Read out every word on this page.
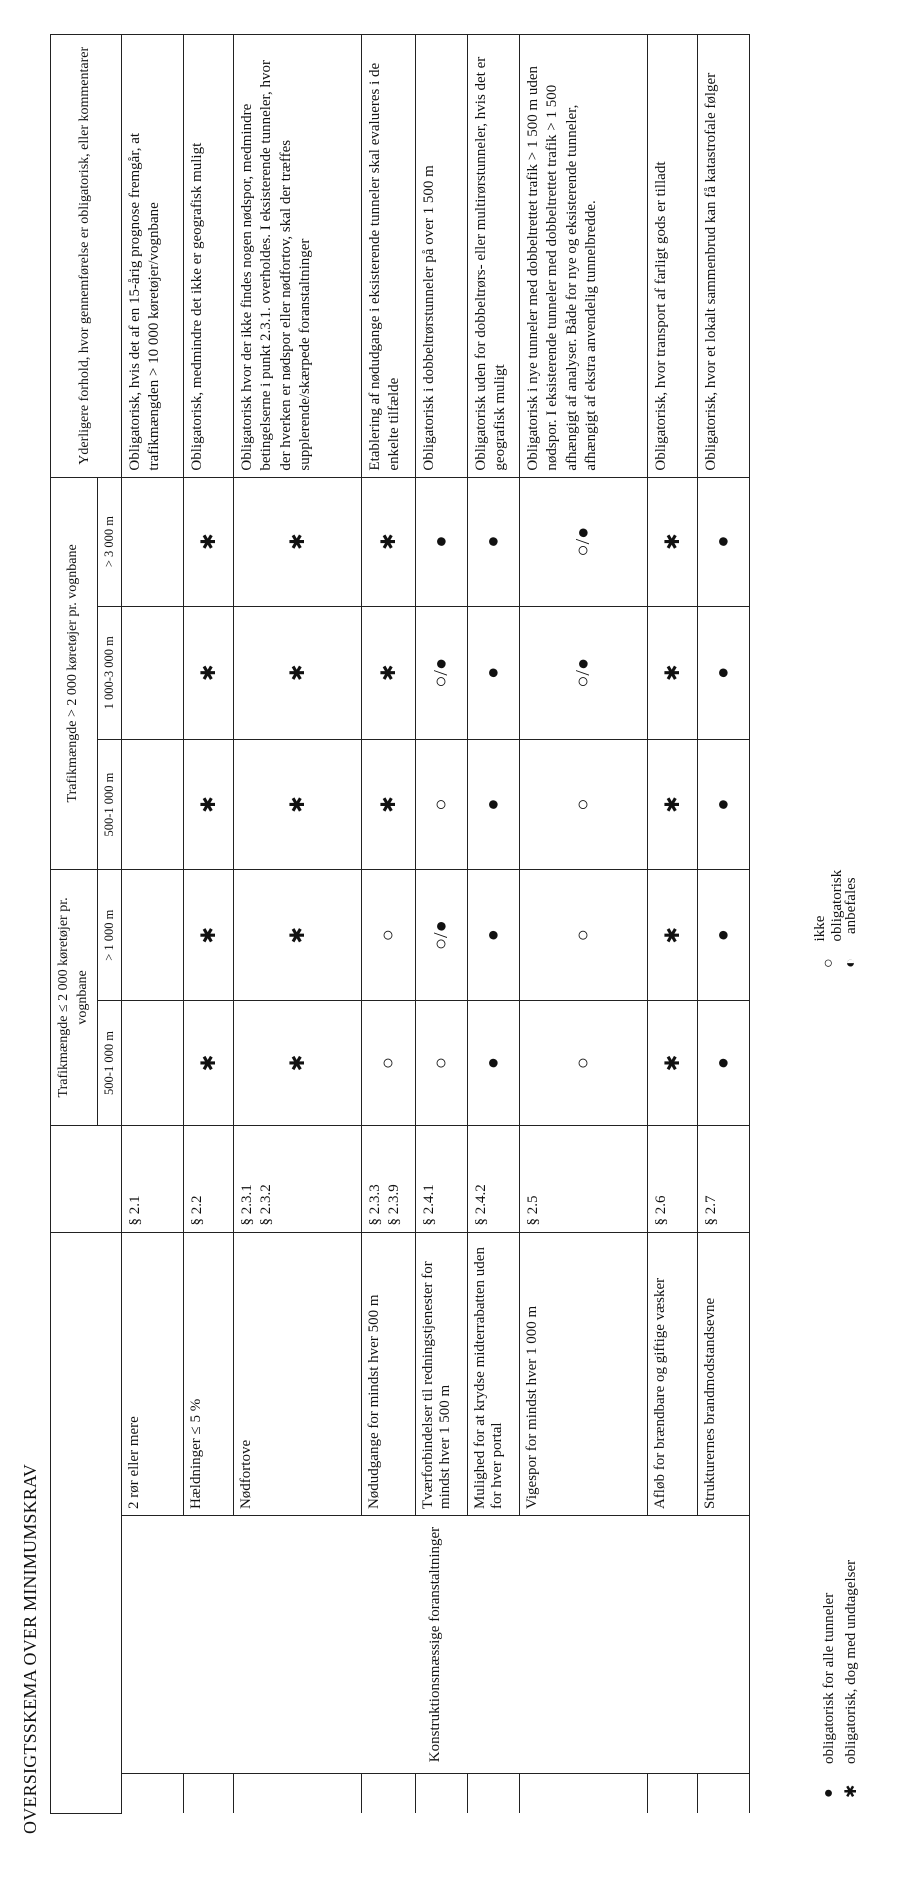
OVERSIGTSSKEMA OVER MINIMUMSKRAV
				Trafikmængde ≤ 2 000 køretøjer pr. vognbane		Trafikmængde > 2 000 køretøjer pr. vognbane			Yderligere forhold, hvor gennemførelse er obligatorisk, eller kommentarer
				500-1 000 m	> 1 000 m	500-1 000 m	1 000-3 000 m	> 3 000 m	
	Konstruktionsmæssige foranstaltninger	2 rør eller mere	§ 2.1						Obligatorisk, hvis det af en 15-årig prognose fremgår, at trafikmængden > 10 000 køretøjer/vognbane
		Hældninger ≤ 5 %	§ 2.2	✱	✱	✱	✱	✱	Obligatorisk, medmindre det ikke er geografisk muligt
		Nødfortove	§ 2.3.1 § 2.3.2	✱	✱	✱	✱	✱	Obligatorisk hvor der ikke findes nogen nødspor, medmindre betingelserne i punkt 2.3.1. overholdes. I eksisterende tunneler, hvor der hverken er nødspor eller nødfortov, skal der træffes supplerende/skærpede foranstaltninger
		Nødudgange for mindst hver 500 m	§ 2.3.3 § 2.3.9	○	○	✱	✱	✱	Etablering af nødudgange i eksisterende tunneler skal evalueres i de enkelte tilfælde
		Tværforbindelser til redningstjenester for mindst hver 1 500 m	§ 2.4.1	○	○/●	○	○/●	●	Obligatorisk i dobbeltrørstunneler på over 1 500 m
		Mulighed for at krydse midterrabatten uden for hver portal	§ 2.4.2	●	●	●	●	●	Obligatorisk uden for dobbeltrørs- eller multirørstunneler, hvis det er geografisk muligt
		Vigespor for mindst hver 1 000 m	§ 2.5	○	○	○	○/●	○/●	Obligatorisk i nye tunneler med dobbeltrettet trafik > 1 500 m uden nødspor. I eksisterende tunneler med dobbeltrettet trafik > 1 500 afhængigt af analyser. Både for nye og eksisterende tunneler, afhængigt af ekstra anvendelig tunnelbredde.
		Afløb for brændbare og giftige væsker	§ 2.6	✱	✱	✱	✱	✱	Obligatorisk, hvor transport af farligt gods er tilladt
		Strukturernes brandmodstandsevne	§ 2.7	●	●	●	●	●	Obligatorisk, hvor et lokalt sammenbrud kan få katastrofale følger
●
obligatorisk for alle tunneler
✱
obligatorisk, dog med undtagelser
○
ikke obligatorisk
◐
anbefales
